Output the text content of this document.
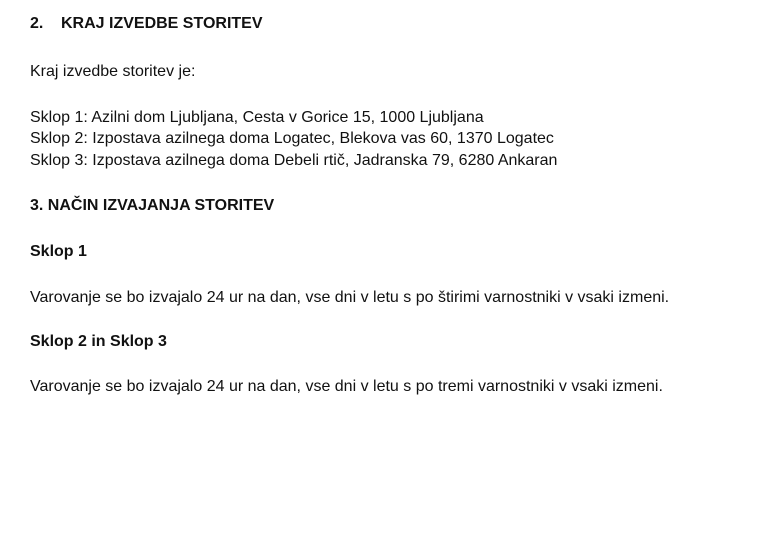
2. KRAJ IZVEDBE STORITEV
Kraj izvedbe storitev je:
Sklop 1: Azilni dom Ljubljana, Cesta v Gorice 15, 1000 Ljubljana
Sklop 2: Izpostava azilnega doma Logatec, Blekova vas 60, 1370 Logatec
Sklop 3: Izpostava azilnega doma Debeli rtič, Jadranska 79, 6280 Ankaran
3. NAČIN IZVAJANJA STORITEV
Sklop 1
Varovanje se bo izvajalo 24 ur na dan, vse dni v letu s po štirimi varnostniki v vsaki izmeni.
Sklop 2 in Sklop 3
Varovanje se bo izvajalo 24 ur na dan, vse dni v letu s po tremi varnostniki v vsaki izmeni.
